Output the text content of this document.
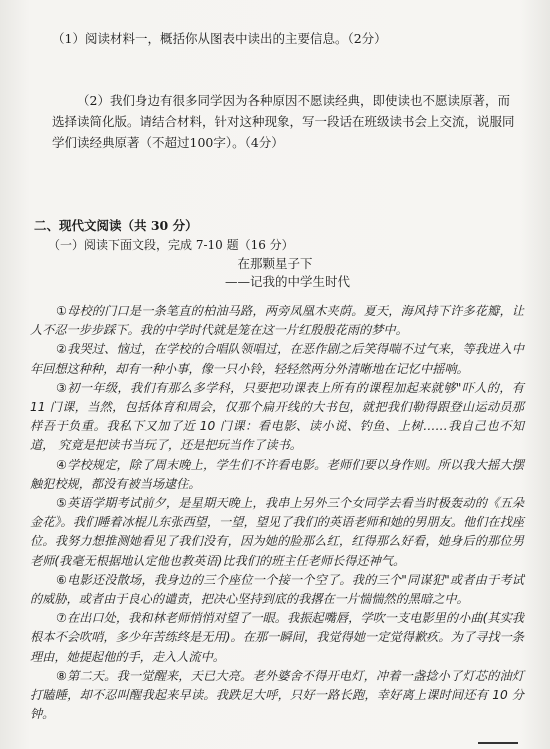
（1）阅读材料一，概括你从图表中读出的主要信息。（2分）
（2）我们身边有很多同学因为各种原因不愿读经典，即使读也不愿读原著，而选择读简化版。请结合材料，针对这种现象，写一段话在班级读书会上交流，说服同学们读经典原著（不超过100字）。（4分）
二、现代文阅读（共 30 分）
（一）阅读下面文段，完成 7-10 题（16 分）
在那颗星子下
——记我的中学生时代

①母校的门口是一条笔直的柏油马路，两旁凤凰木夹荫。夏天，海风持下许多花瓣，让人不忍一步步踩下。我的中学时代就是笼在这一片红殷殷花雨的梦中。

②我哭过、恼过，在学校的合唱队领唱过，在恶作剧之后笑得喘不过气来，等我进入中年回想这种种，却有一种小事，像一只小铃，轻轻然两分外清晰地在记忆中摇响。

③初一年级，我们有那么多学科，只要把功课表上所有的课程加起来就够"吓人的，有 11 门课，当然，包括体育和周会，仅那个扁开线的大书包，就把我们勒得跟登山运动员那样吾于负重。我私下又加了近 10 门课：看电影、读小说、钓鱼、上树……我自己也不知道， 究竟是把读书当玩了，还是把玩当作了读书。

④学校规定，除了周末晚上，学生们不许看电影。老师们要以身作则。所以我大摇大摆触犯校规，都没有被当场逮住。

⑤英语学期考试前夕，是星期天晚上，我串上另外三个女同学去看当时极轰动的《五朵金花》。我们睡着冰棍儿东张西望，一望，望见了我们的英语老师和她的男朋友。他们在找座位。我努力想推测她看见了我们没有，因为她的脸那么红，红得那么好看，她身后的那位男老师(我毫无根据地认定他也教英语)比我们的班主任老师长得还神气。

⑥电影还没散场，我身边的三个座位一个接一个空了。我的三个"同谋犯"或者由于考试的威胁，或者由于良心的谴责，把决心坚持到底的我撂在一片惴惴然的黑暗之中。

⑦在出口处，我和林老师悄悄对望了一眼。我振起嘴唇，学吹一支电影里的小曲(其实我根本不会吹哨，多少年苦练终是无用)。在那一瞬间，我觉得她一定觉得歉疚。为了寻找一条理由，她提起他的手，走入人流中。

⑧第二天。我一觉醒来，天已大亮。老外婆舍不得开电灯，冲着一盏捻小了灯芯的油灯打瞌睡，却不忍叫醒我起来早读。我跌足大呼，只好一路长跑，幸好离上课时间还有 10 分钟。
